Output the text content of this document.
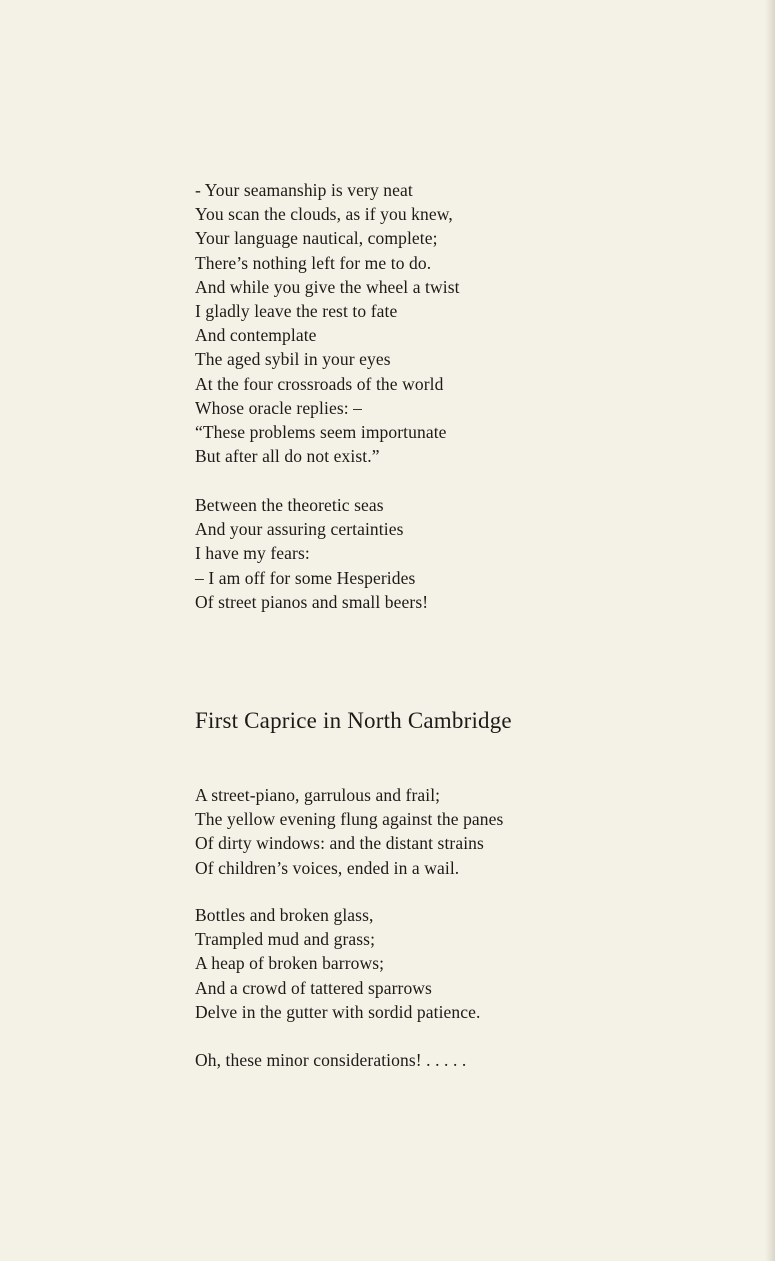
- Your seamanship is very neat
You scan the clouds, as if you knew,
Your language nautical, complete;
There’s nothing left for me to do.
And while you give the wheel a twist
I gladly leave the rest to fate
And contemplate
The aged sybil in your eyes
At the four crossroads of the world
Whose oracle replies: –
“These problems seem importunate
But after all do not exist.”
Between the theoretic seas
And your assuring certainties
I have my fears:
– I am off for some Hesperides
Of street pianos and small beers!
First Caprice in North Cambridge
A street-piano, garrulous and frail;
The yellow evening flung against the panes
Of dirty windows: and the distant strains
Of children’s voices, ended in a wail.
Bottles and broken glass,
Trampled mud and grass;
A heap of broken barrows;
And a crowd of tattered sparrows
Delve in the gutter with sordid patience.
Oh, these minor considerations! . . . . .
